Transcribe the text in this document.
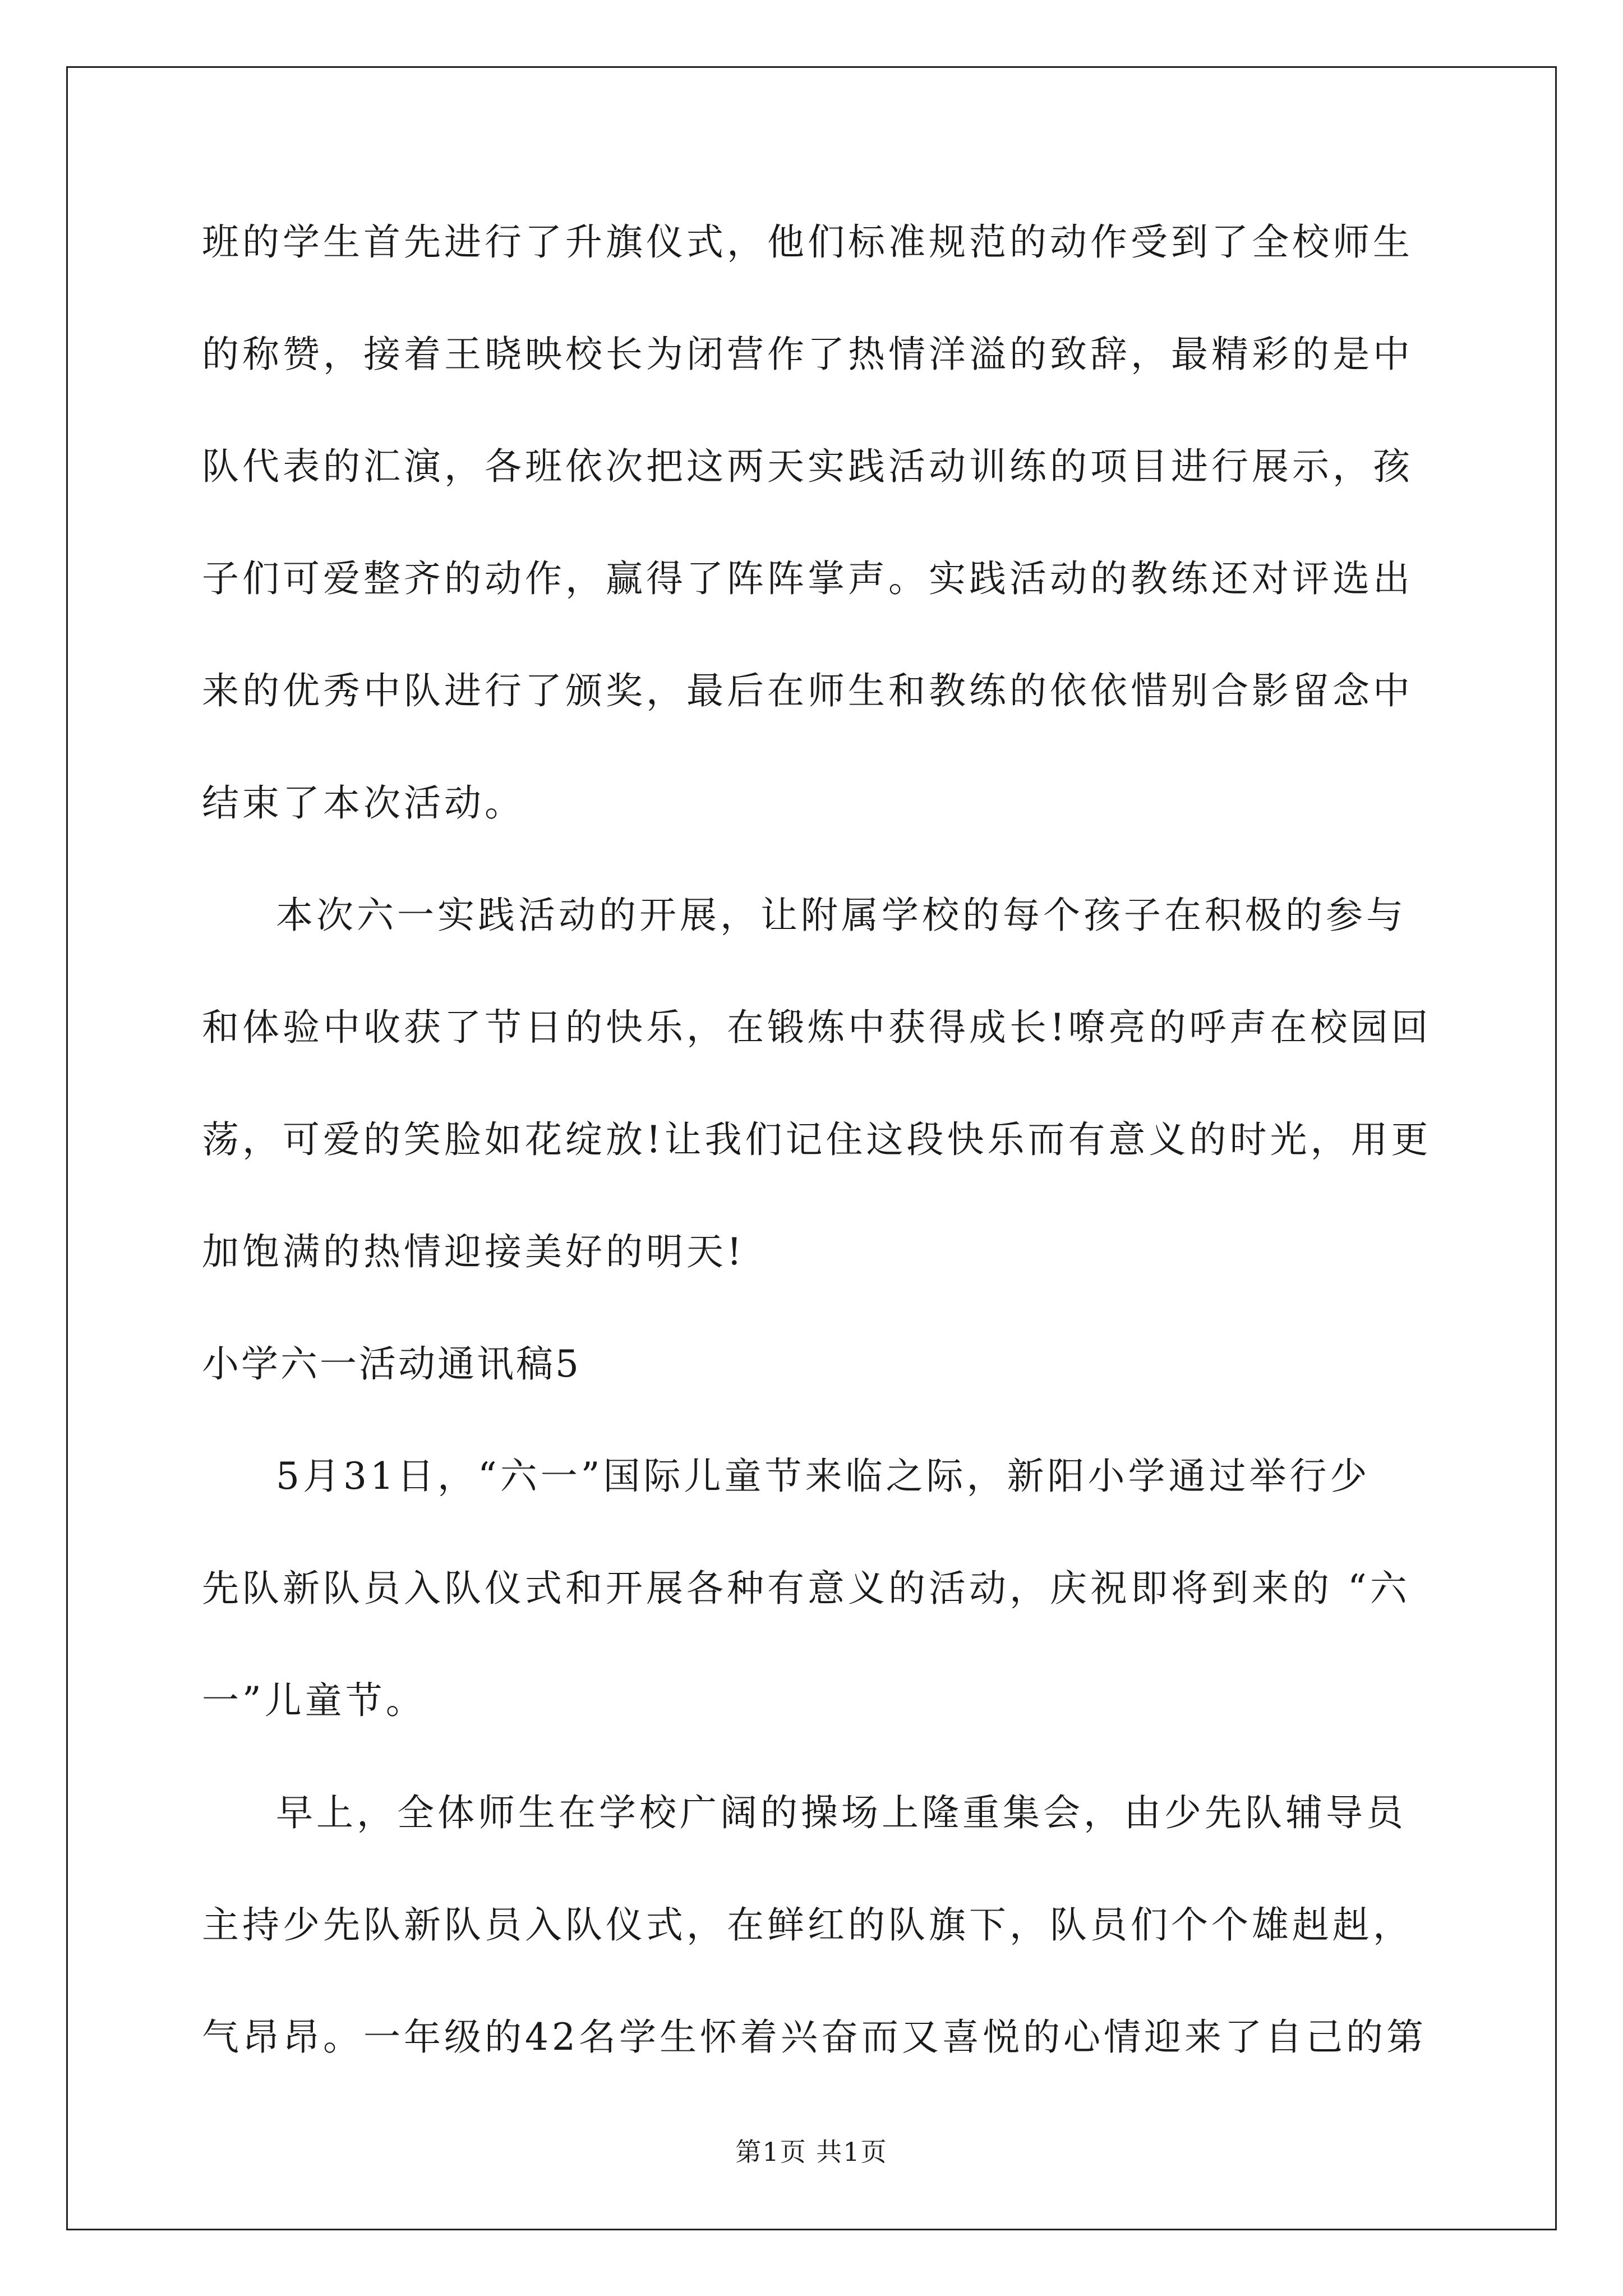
班的学生首先进行了升旗仪式，他们标准规范的动作受到了全校师生
的称赞，接着王晓映校长为闭营作了热情洋溢的致辞，最精彩的是中
队代表的汇演，各班依次把这两天实践活动训练的项目进行展示，孩
子们可爱整齐的动作，赢得了阵阵掌声。实践活动的教练还对评选出
来的优秀中队进行了颁奖，最后在师生和教练的依依惜别合影留念中
结束了本次活动。
本次六一实践活动的开展，让附属学校的每个孩子在积极的参与
和体验中收获了节日的快乐，在锻炼中获得成长!嘹亮的呼声在校园回
荡，可爱的笑脸如花绽放!让我们记住这段快乐而有意义的时光，用更
加饱满的热情迎接美好的明天!
小学六一活动通讯稿5
5月31日，“六一”国际儿童节来临之际，新阳小学通过举行少
先队新队员入队仪式和开展各种有意义的活动，庆祝即将到来的 “六
一”儿童节。
早上，全体师生在学校广阔的操场上隆重集会，由少先队辅导员
主持少先队新队员入队仪式，在鲜红的队旗下，队员们个个雄赳赳，
气昂昂。一年级的42名学生怀着兴奋而又喜悦的心情迎来了自己的第
第1页 共1页
